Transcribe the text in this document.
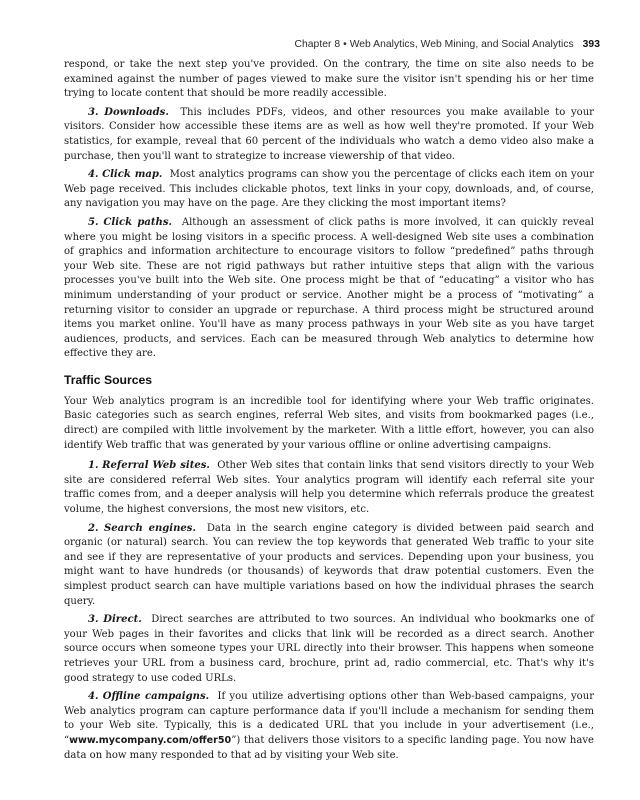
Chapter 8 • Web Analytics, Web Mining, and Social Analytics 393

respond, or take the next step you've provided. On the contrary, the time on site also needs to be examined against the number of pages viewed to make sure the visitor isn't spending his or her time trying to locate content that should be more readily accessible.

3. Downloads. This includes PDFs, videos, and other resources you make available to your visitors. Consider how accessible these items are as well as how well they're promoted. If your Web statistics, for example, reveal that 60 percent of the individuals who watch a demo video also make a purchase, then you'll want to strategize to increase viewership of that video.

4. Click map. Most analytics programs can show you the percentage of clicks each item on your Web page received. This includes clickable photos, text links in your copy, downloads, and, of course, any navigation you may have on the page. Are they clicking the most important items?

5. Click paths. Although an assessment of click paths is more involved, it can quickly reveal where you might be losing visitors in a specific process. A well-designed Web site uses a combination of graphics and information architecture to encourage visitors to follow “predefined” paths through your Web site. These are not rigid pathways but rather intuitive steps that align with the various processes you've built into the Web site. One process might be that of “educating” a visitor who has minimum understanding of your product or service. Another might be a process of “motivating” a returning visitor to consider an upgrade or repurchase. A third process might be structured around items you market online. You'll have as many process pathways in your Web site as you have target audiences, products, and services. Each can be measured through Web analytics to determine how effective they are.

Traffic Sources

Your Web analytics program is an incredible tool for identifying where your Web traffic originates. Basic categories such as search engines, referral Web sites, and visits from bookmarked pages (i.e., direct) are compiled with little involvement by the marketer. With a little effort, however, you can also identify Web traffic that was generated by your various offline or online advertising campaigns.

1. Referral Web sites. Other Web sites that contain links that send visitors directly to your Web site are considered referral Web sites. Your analytics program will identify each referral site your traffic comes from, and a deeper analysis will help you determine which referrals produce the greatest volume, the highest conversions, the most new visitors, etc.

2. Search engines. Data in the search engine category is divided between paid search and organic (or natural) search. You can review the top keywords that generated Web traffic to your site and see if they are representative of your products and services. Depending upon your business, you might want to have hundreds (or thousands) of keywords that draw potential customers. Even the simplest product search can have multiple variations based on how the individual phrases the search query.

3. Direct. Direct searches are attributed to two sources. An individual who bookmarks one of your Web pages in their favorites and clicks that link will be recorded as a direct search. Another source occurs when someone types your URL directly into their browser. This happens when someone retrieves your URL from a business card, brochure, print ad, radio commercial, etc. That's why it's good strategy to use coded URLs.

4. Offline campaigns. If you utilize advertising options other than Web-based campaigns, your Web analytics program can capture performance data if you'll include a mechanism for sending them to your Web site. Typically, this is a dedicated URL that you include in your advertisement (i.e., “www.mycompany.com/offer50”) that delivers those visitors to a specific landing page. You now have data on how many responded to that ad by visiting your Web site.
